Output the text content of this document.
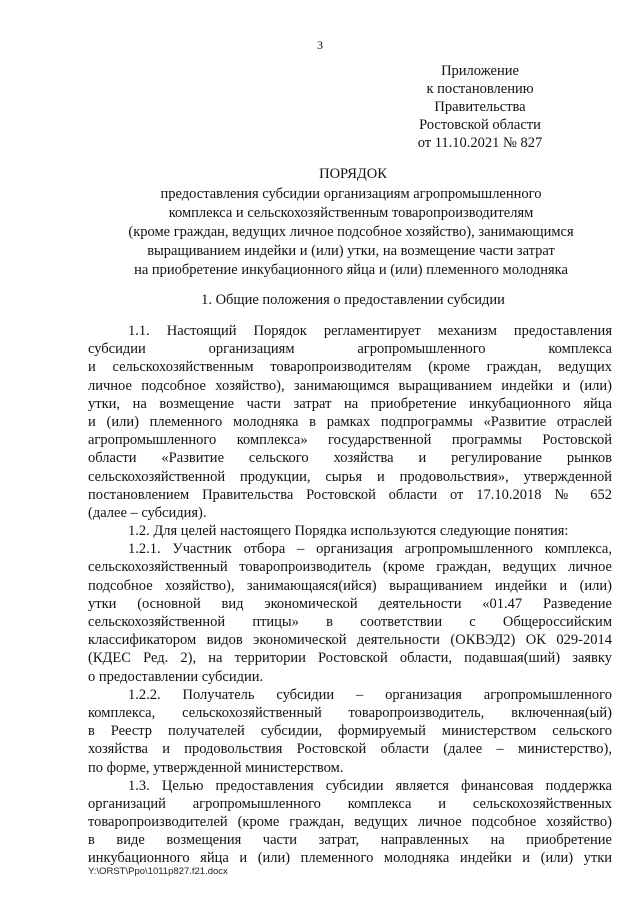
3
Приложение
к постановлению
Правительства
Ростовской области
от 11.10.2021 № 827
ПОРЯДОК
предоставления субсидии организациям агропромышленного
комплекса и сельскохозяйственным товаропроизводителям
(кроме граждан, ведущих личное подсобное хозяйство), занимающимся
выращиванием индейки и (или) утки, на возмещение части затрат
на приобретение инкубационного яйца и (или) племенного молодняка
1. Общие положения о предоставлении субсидии
1.1. Настоящий Порядок регламентирует механизм предоставления
субсидии организациям агропромышленного комплекса
и сельскохозяйственным товаропроизводителям (кроме граждан, ведущих
личное подсобное хозяйство), занимающимся выращиванием индейки и (или)
утки, на возмещение части затрат на приобретение инкубационного яйца
и (или) племенного молодняка в рамках подпрограммы «Развитие отраслей
агропромышленного комплекса» государственной программы Ростовской
области «Развитие сельского хозяйства и регулирование рынков
сельскохозяйственной продукции, сырья и продовольствия», утвержденной
постановлением Правительства Ростовской области от 17.10.2018 № 652
(далее – субсидия).
1.2. Для целей настоящего Порядка используются следующие понятия:
1.2.1. Участник отбора – организация агропромышленного комплекса,
сельскохозяйственный товаропроизводитель (кроме граждан, ведущих личное
подсобное хозяйство), занимающаяся(ийся) выращиванием индейки и (или)
утки (основной вид экономической деятельности «01.47 Разведение
сельскохозяйственной птицы» в соответствии с Общероссийским
классификатором видов экономической деятельности (ОКВЭД2) ОК 029-2014
(КДЕС Ред. 2), на территории Ростовской области, подавшая(ший) заявку
о предоставлении субсидии.
1.2.2. Получатель субсидии – организация агропромышленного
комплекса, сельскохозяйственный товаропроизводитель, включенная(ый)
в Реестр получателей субсидии, формируемый министерством сельского
хозяйства и продовольствия Ростовской области (далее – министерство),
по форме, утвержденной министерством.
1.3. Целью предоставления субсидии является финансовая поддержка
организаций агропромышленного комплекса и сельскохозяйственных
товаропроизводителей (кроме граждан, ведущих личное подсобное хозяйство)
в виде возмещения части затрат, направленных на приобретение
инкубационного яйца и (или) племенного молодняка индейки и (или) утки
Y:\ORST\Ppo\1011p827.f21.docx
